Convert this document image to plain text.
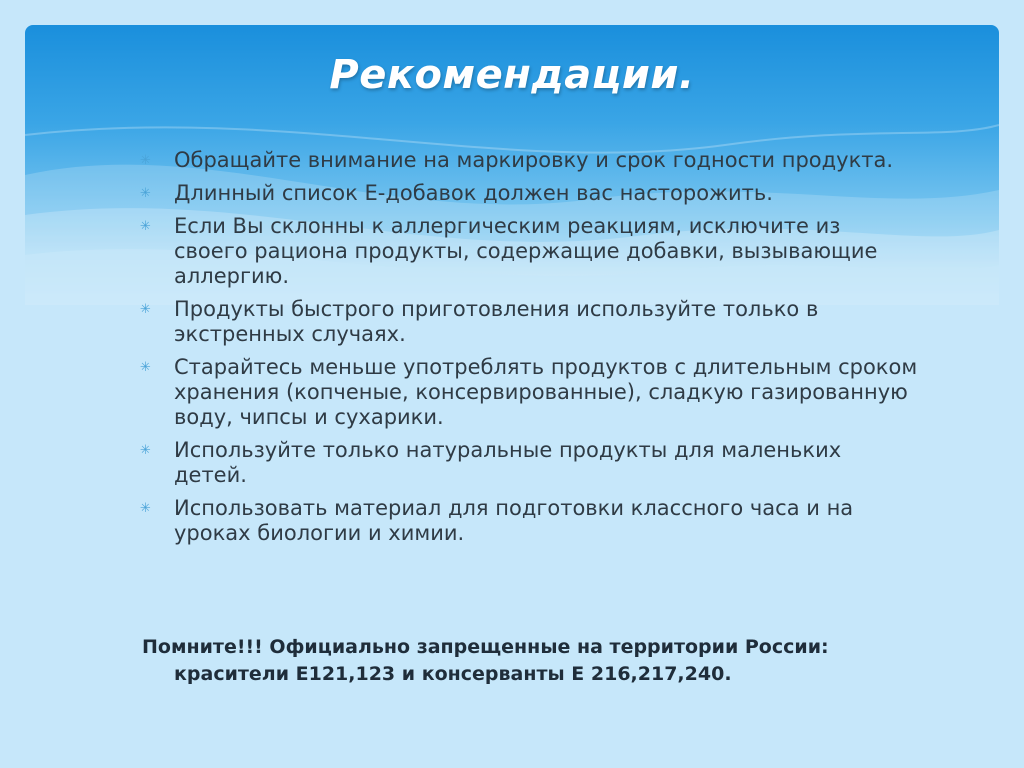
Рекомендации.
✳ Обращайте внимание на маркировку и срок годности продукта.
✳ Длинный список Е-добавок должен вас насторожить.
✳ Если Вы склонны к аллергическим реакциям, исключите из своего рациона продукты, содержащие добавки, вызывающие аллергию.
✳ Продукты быстрого приготовления используйте только в экстренных случаях.
✳ Старайтесь меньше употреблять продуктов с длительным сроком хранения (копченые, консервированные), сладкую газированную воду, чипсы и сухарики.
✳ Используйте только натуральные продукты для маленьких детей.
✳ Использовать материал для подготовки классного часа и на уроках биологии и химии.
Помните!!! Официально запрещенные на территории России:
красители Е121,123 и консерванты Е 216,217,240.
